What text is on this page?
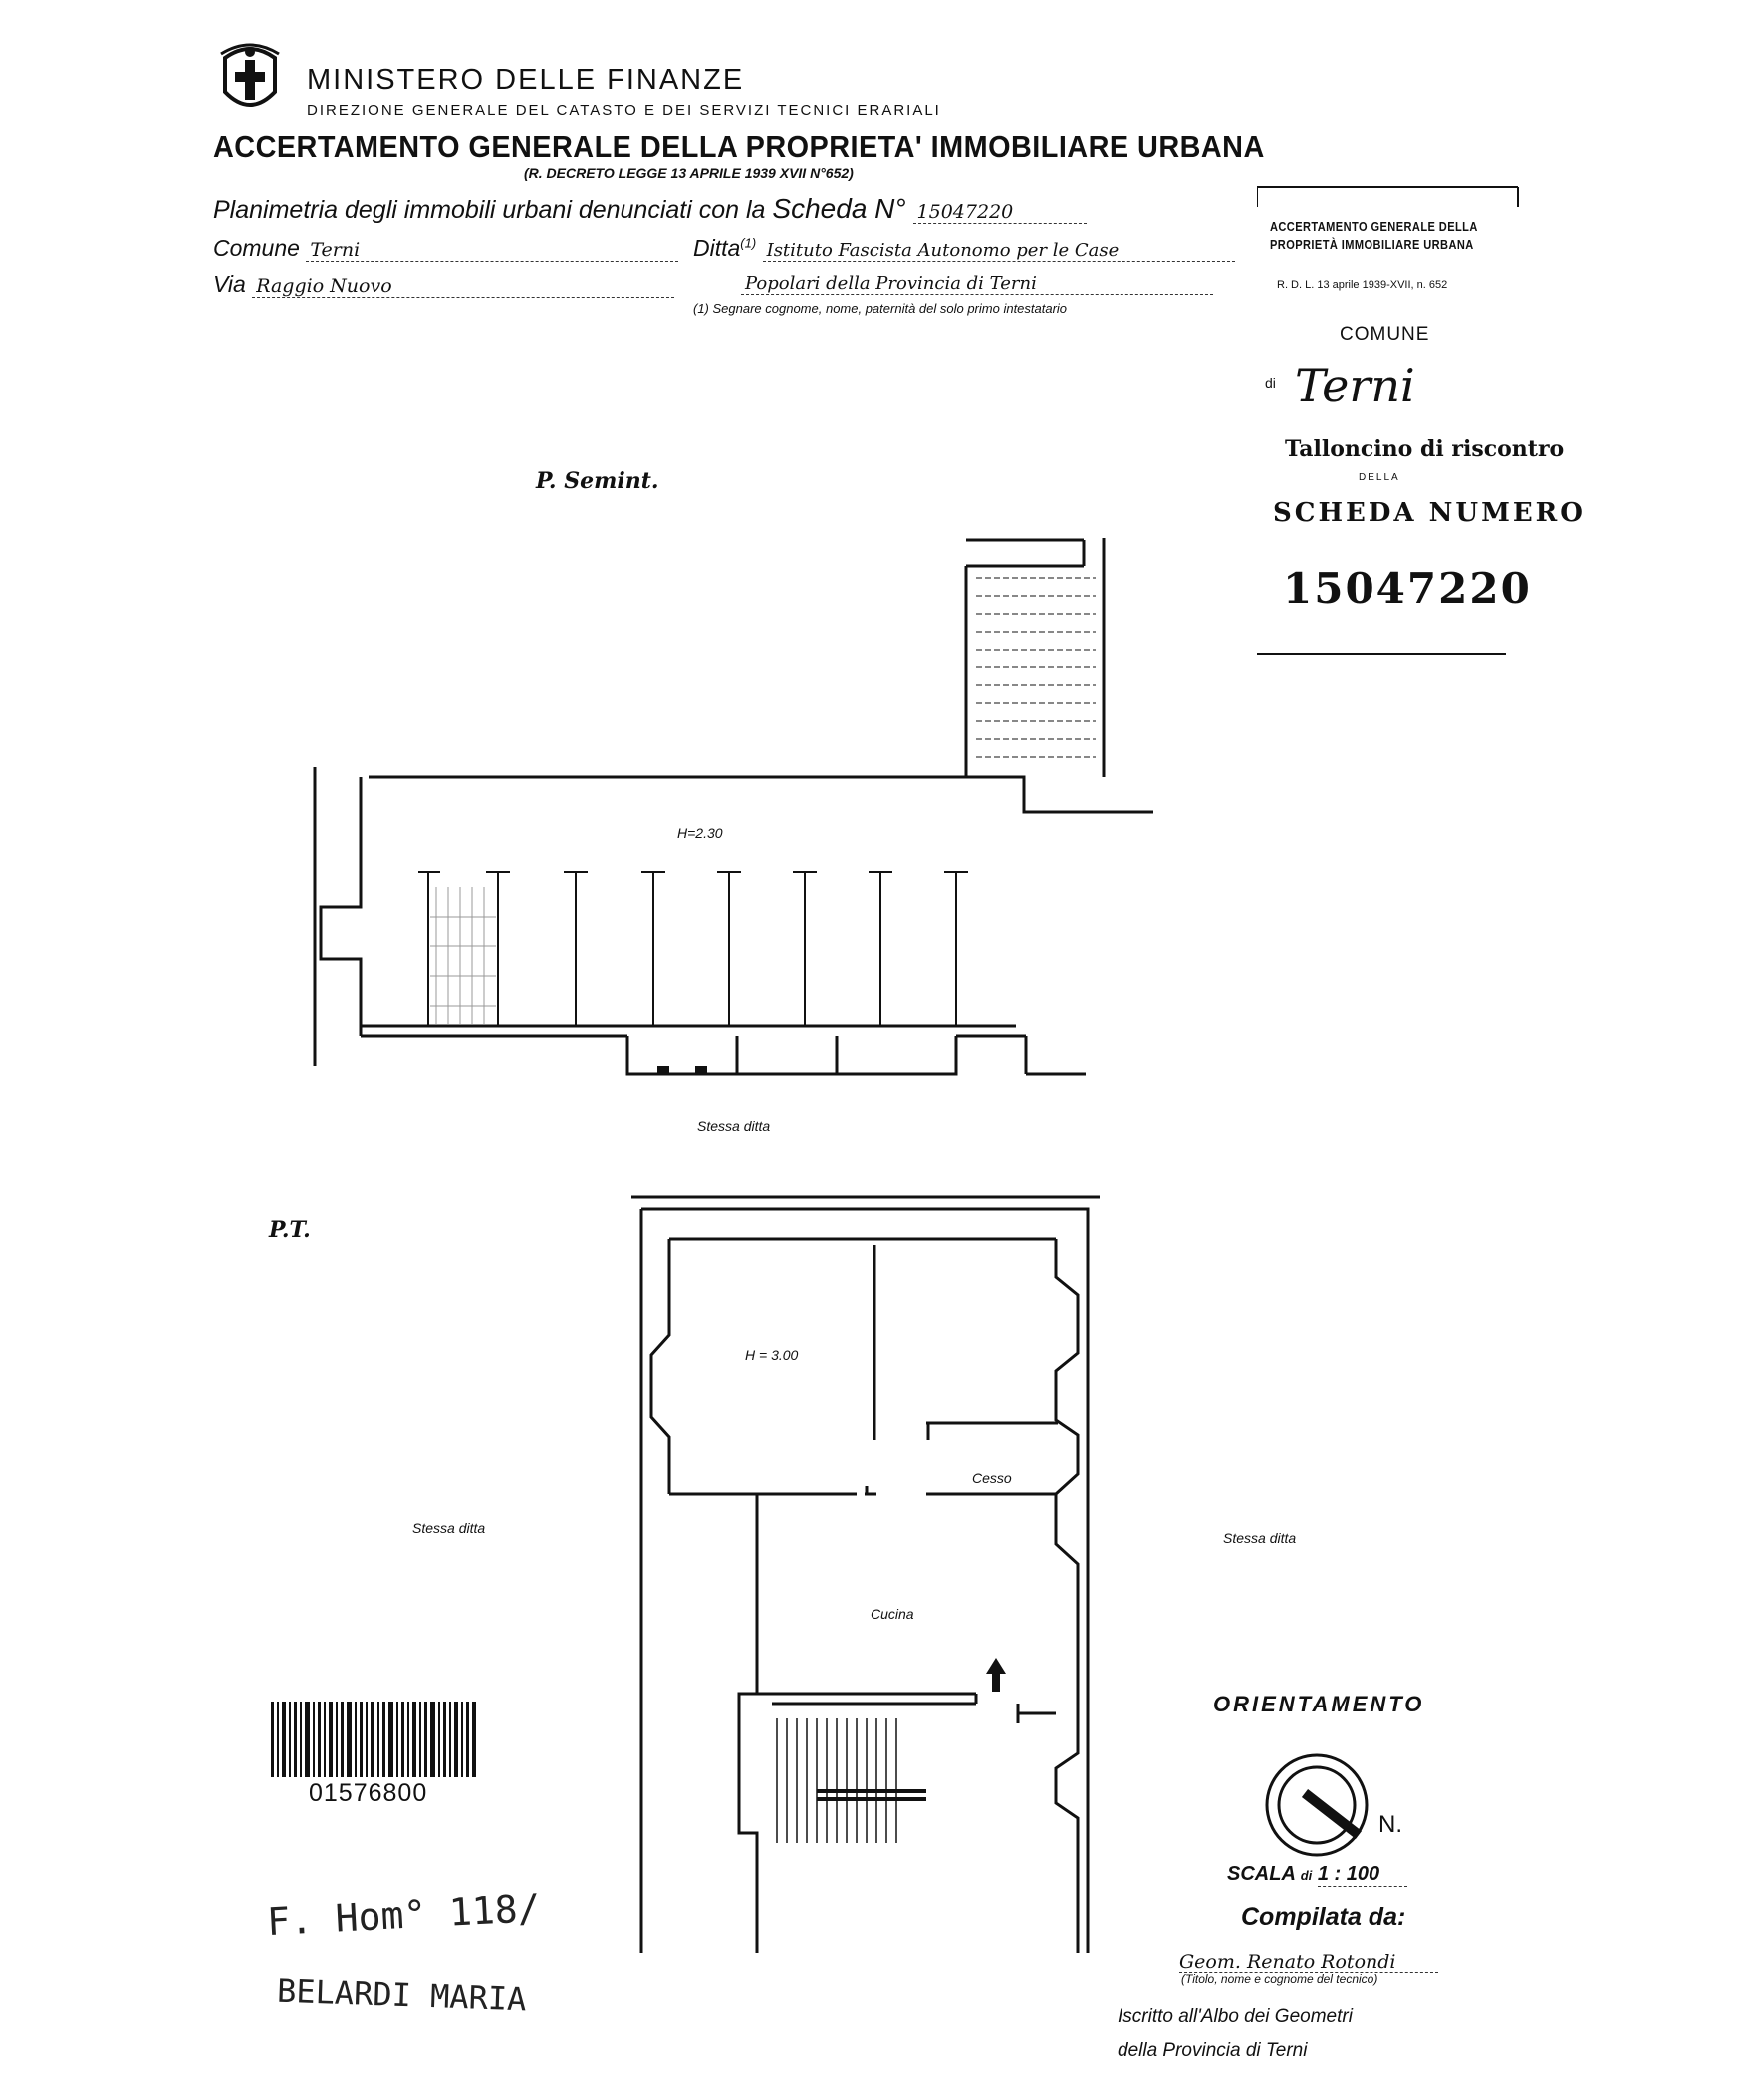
MINISTERO DELLE FINANZE
DIREZIONE GENERALE DEL CATASTO E DEI SERVIZI TECNICI ERARIALI
ACCERTAMENTO GENERALE DELLA PROPRIETA' IMMOBILIARE URBANA
(R. DECRETO LEGGE 13 APRILE 1939 XVII N°652)
Planimetria degli immobili urbani denunciati con la Scheda N° 15047220
Comune Terni
Via Raggio Nuovo
Ditta$^{(1)}$ Istituto Fascista Autonomo per le Case
Popolari della Provincia di Terni
(1) Segnare cognome, nome, paternità del solo primo intestatario
ACCERTAMENTO GENERALE DELLA
PROPRIETÀ IMMOBILIARE URBANA
R. D. L. 13 aprile 1939-XVII, n. 652
COMUNE
di Terni
Talloncino di riscontro
DELLA
SCHEDA NUMERO
15047220
P. Semint.
H=2.30
Stessa ditta
P.T.
H = 3.00
Cesso
Cucina
Stessa ditta
Stessa ditta
ORIENTAMENTO
N.
SCALA di 1 : 100
Compilata da:
Geom. Renato Rotondi
(Titolo, nome e cognome del tecnico)
Iscritto all'Albo dei Geometri
della Provincia di Terni
01576800
F. Hom° 118/
BELARDI MARIA
